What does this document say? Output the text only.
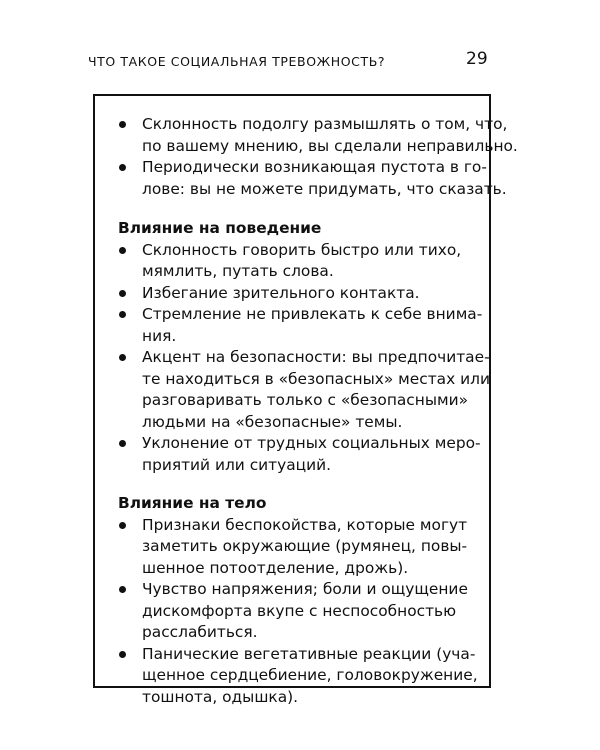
ЧТО ТАКОЕ СОЦИАЛЬНАЯ ТРЕВОЖНОСТЬ?	29
Склонность подолгу размышлять о том, что,
по вашему мнению, вы сделали неправильно.
Периодически возникающая пустота в го-
лове: вы не можете придумать, что сказать.
Влияние на поведение
Склонность говорить быстро или тихо,
мямлить, путать слова.
Избегание зрительного контакта.
Стремление не привлекать к себе внима-
ния.
Акцент на безопасности: вы предпочитае-
те находиться в «безопасных» местах или
разговаривать только с «безопасными»
людьми на «безопасные» темы.
Уклонение от трудных социальных меро-
приятий или ситуаций.
Влияние на тело
Признаки беспокойства, которые могут
заметить окружающие (румянец, повы-
шенное потоотделение, дрожь).
Чувство напряжения; боли и ощущение
дискомфорта вкупе с неспособностью
расслабиться.
Панические вегетативные реакции (уча-
щенное сердцебиение, головокружение,
тошнота, одышка).
